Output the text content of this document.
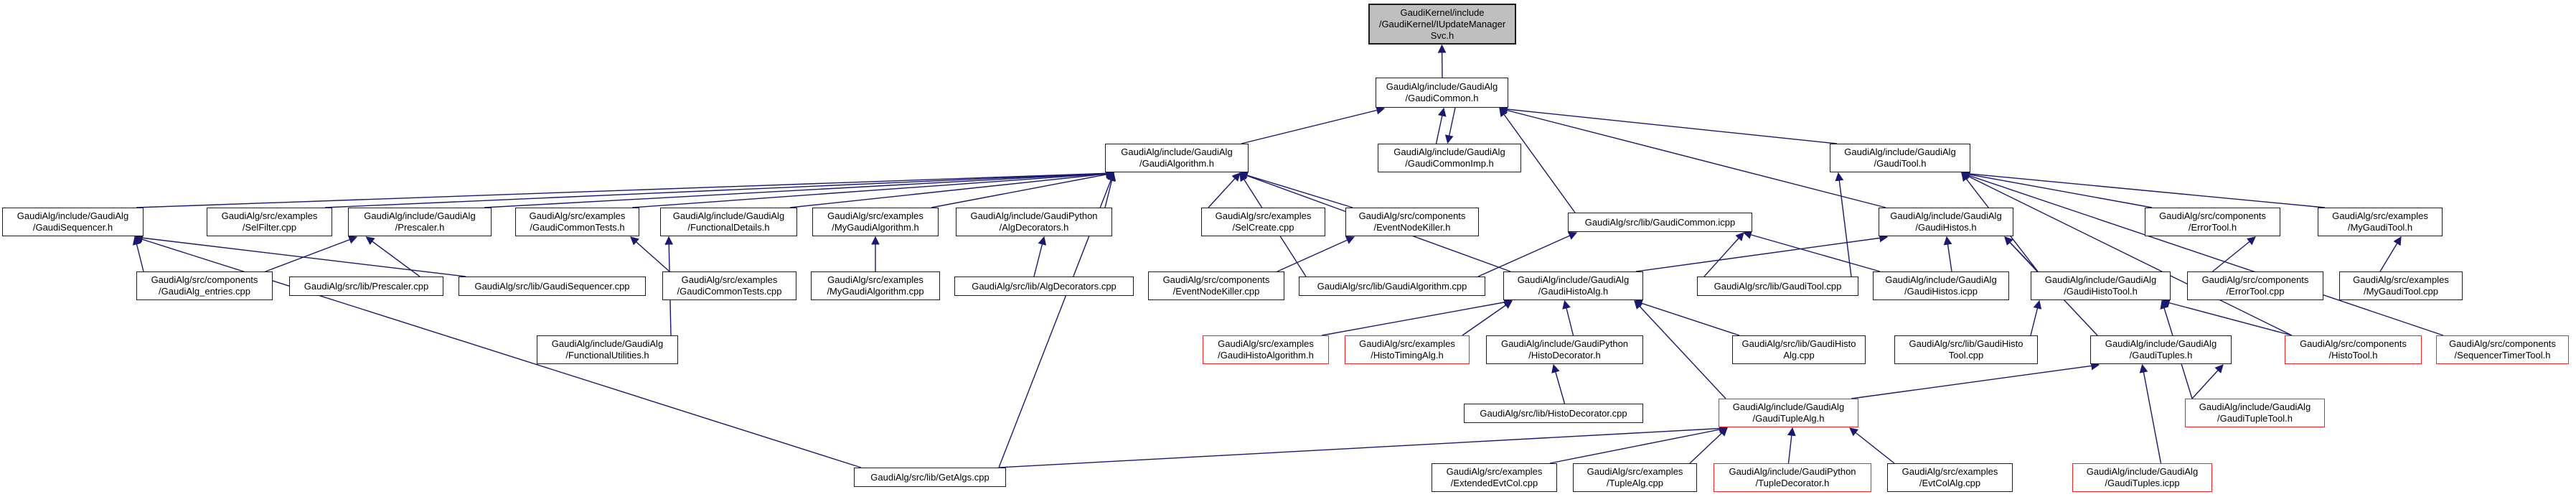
GaudiKernel/include
/GaudiKernel/IUpdateManager
Svc.h
GaudiAlg/include/GaudiAlg
/GaudiCommon.h
GaudiAlg/include/GaudiAlg
/GaudiAlgorithm.h
GaudiAlg/include/GaudiAlg
/GaudiCommonImp.h
GaudiAlg/include/GaudiAlg
/GaudiTool.h
GaudiAlg/include/GaudiAlg
/GaudiSequencer.h
GaudiAlg/src/examples
/SelFilter.cpp
GaudiAlg/include/GaudiAlg
/Prescaler.h
GaudiAlg/src/examples
/GaudiCommonTests.h
GaudiAlg/include/GaudiAlg
/FunctionalDetails.h
GaudiAlg/src/examples
/MyGaudiAlgorithm.h
GaudiAlg/include/GaudiPython
/AlgDecorators.h
GaudiAlg/src/examples
/SelCreate.cpp
GaudiAlg/src/components
/EventNodeKiller.h	GaudiAlg/src/lib/GaudiCommon.icpp
GaudiAlg/include/GaudiAlg
/GaudiHistos.h
GaudiAlg/src/components
/ErrorTool.h
GaudiAlg/src/examples
/MyGaudiTool.h
GaudiAlg/src/components
/GaudiAlg_entries.cpp	GaudiAlg/src/lib/Prescaler.cpp	GaudiAlg/src/lib/GaudiSequencer.cpp
GaudiAlg/src/examples
/GaudiCommonTests.cpp
GaudiAlg/src/examples
/MyGaudiAlgorithm.cpp	GaudiAlg/src/lib/AlgDecorators.cpp
GaudiAlg/src/components
/EventNodeKiller.cpp	GaudiAlg/src/lib/GaudiAlgorithm.cpp
GaudiAlg/include/GaudiAlg
/GaudiHistoAlg.h	GaudiAlg/src/lib/GaudiTool.cpp
GaudiAlg/include/GaudiAlg
/GaudiHistos.icpp
GaudiAlg/include/GaudiAlg
/GaudiHistoTool.h
GaudiAlg/src/components
/ErrorTool.cpp
GaudiAlg/src/examples
/MyGaudiTool.cpp
GaudiAlg/include/GaudiAlg
/FunctionalUtilities.h
GaudiAlg/src/examples
/GaudiHistoAlgorithm.h
GaudiAlg/src/examples
/HistoTimingAlg.h
GaudiAlg/include/GaudiPython
/HistoDecorator.h
GaudiAlg/src/lib/GaudiHisto
Alg.cpp
GaudiAlg/src/lib/GaudiHisto
Tool.cpp
GaudiAlg/include/GaudiAlg
/GaudiTuples.h
GaudiAlg/src/components
/HistoTool.h
GaudiAlg/src/components
/SequencerTimerTool.h
GaudiAlg/src/lib/HistoDecorator.cpp
GaudiAlg/include/GaudiAlg
/GaudiTupleAlg.h
GaudiAlg/include/GaudiAlg
/GaudiTupleTool.h
GaudiAlg/src/lib/GetAlgs.cpp	GaudiAlg/src/examples
/ExtendedEvtCol.cpp
GaudiAlg/src/examples
/TupleAlg.cpp
GaudiAlg/include/GaudiPython
/TupleDecorator.h
GaudiAlg/src/examples
/EvtColAlg.cpp
GaudiAlg/include/GaudiAlg
/GaudiTuples.icpp
